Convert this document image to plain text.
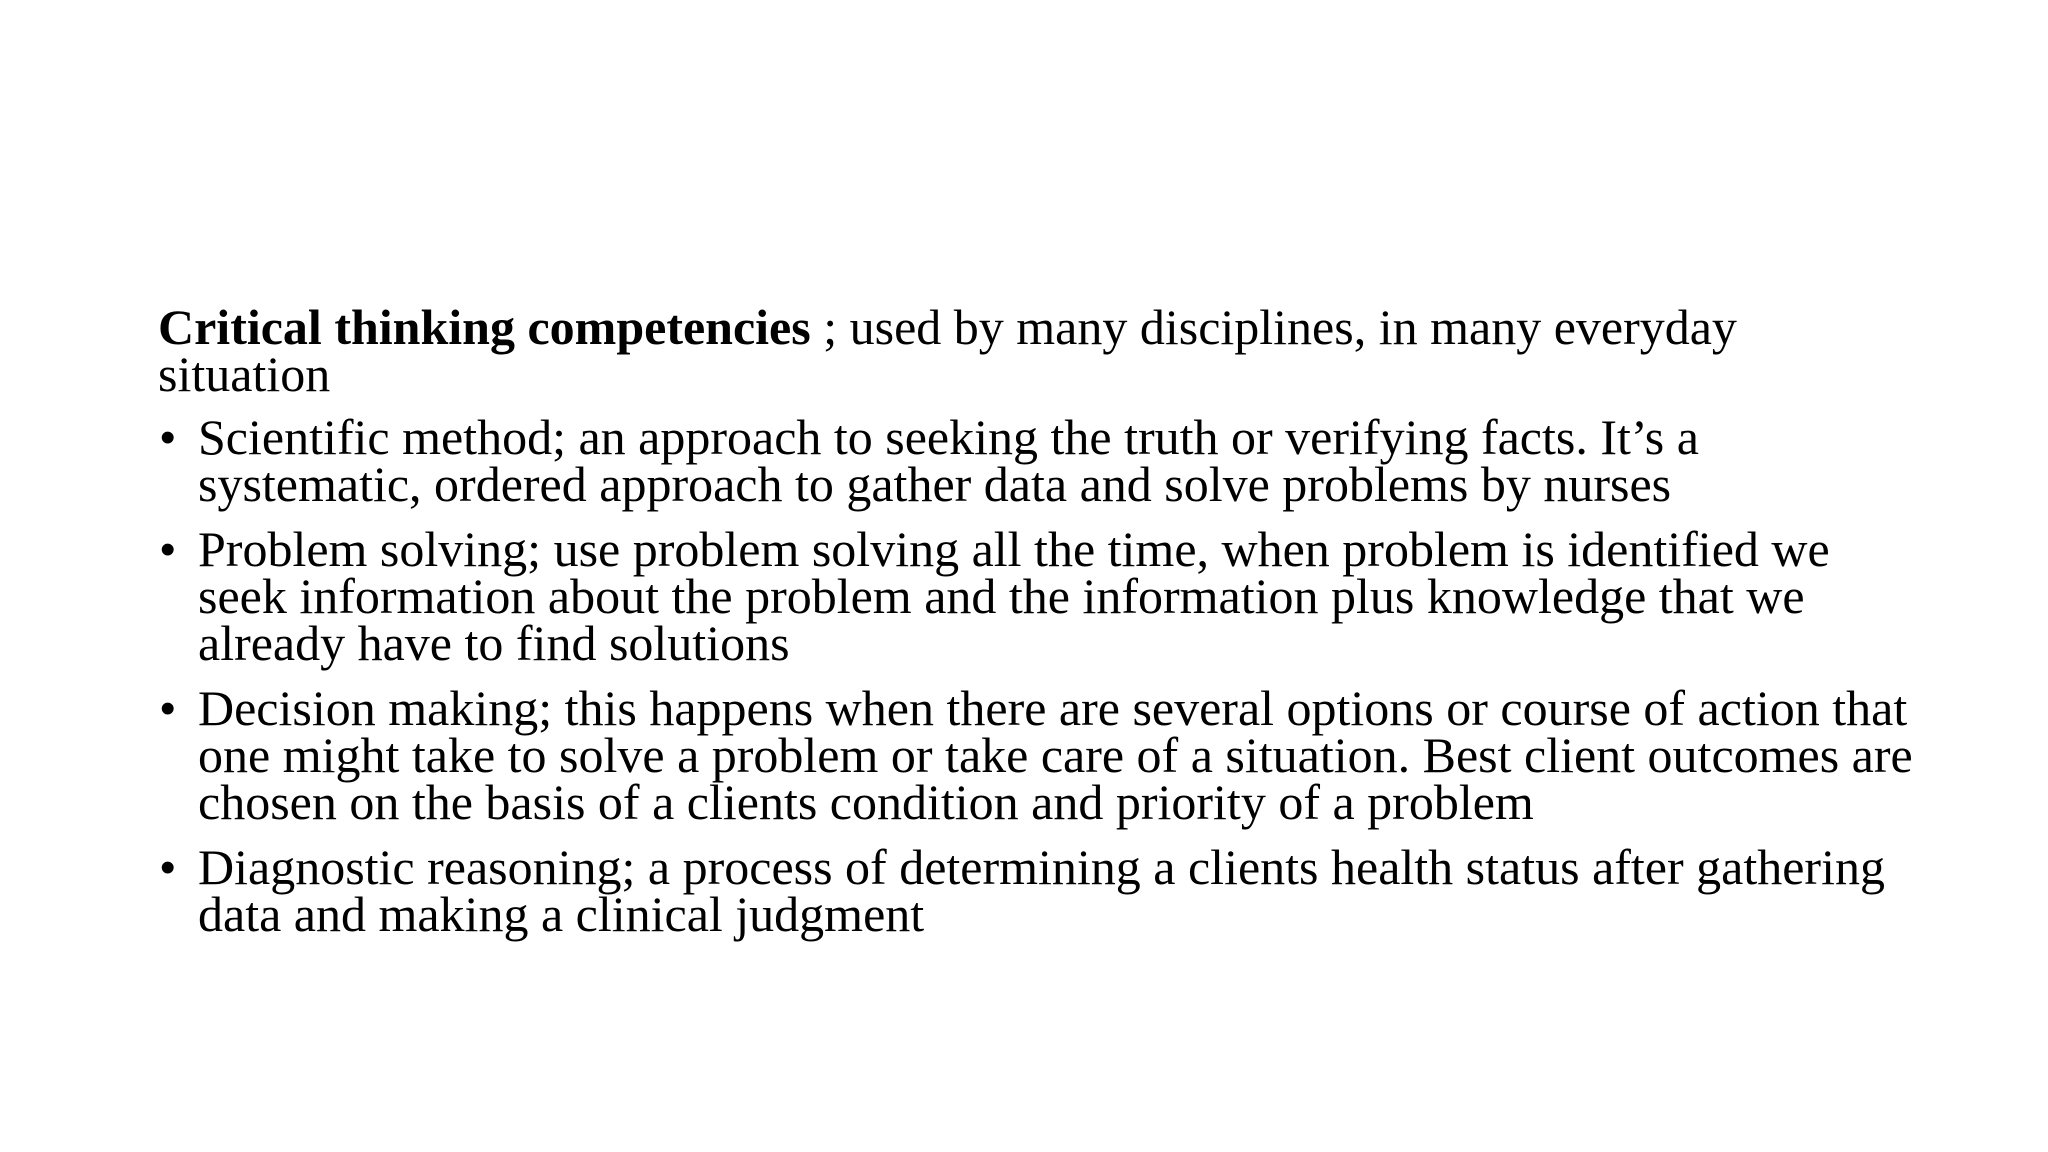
Critical thinking competencies ; used by many disciplines, in many everyday situation

• Scientific method; an approach to seeking the truth or verifying facts. It’s a systematic, ordered approach to gather data and solve problems by nurses
• Problem solving; use problem solving all the time, when problem is identified we seek information about the problem and the information plus knowledge that we already have to find solutions
• Decision making; this happens when there are several options or course of action that one might take to solve a problem or take care of a situation. Best client outcomes are chosen on the basis of a clients condition and priority of a problem
• Diagnostic reasoning; a process of determining a clients health status after gathering data and making a clinical judgment
